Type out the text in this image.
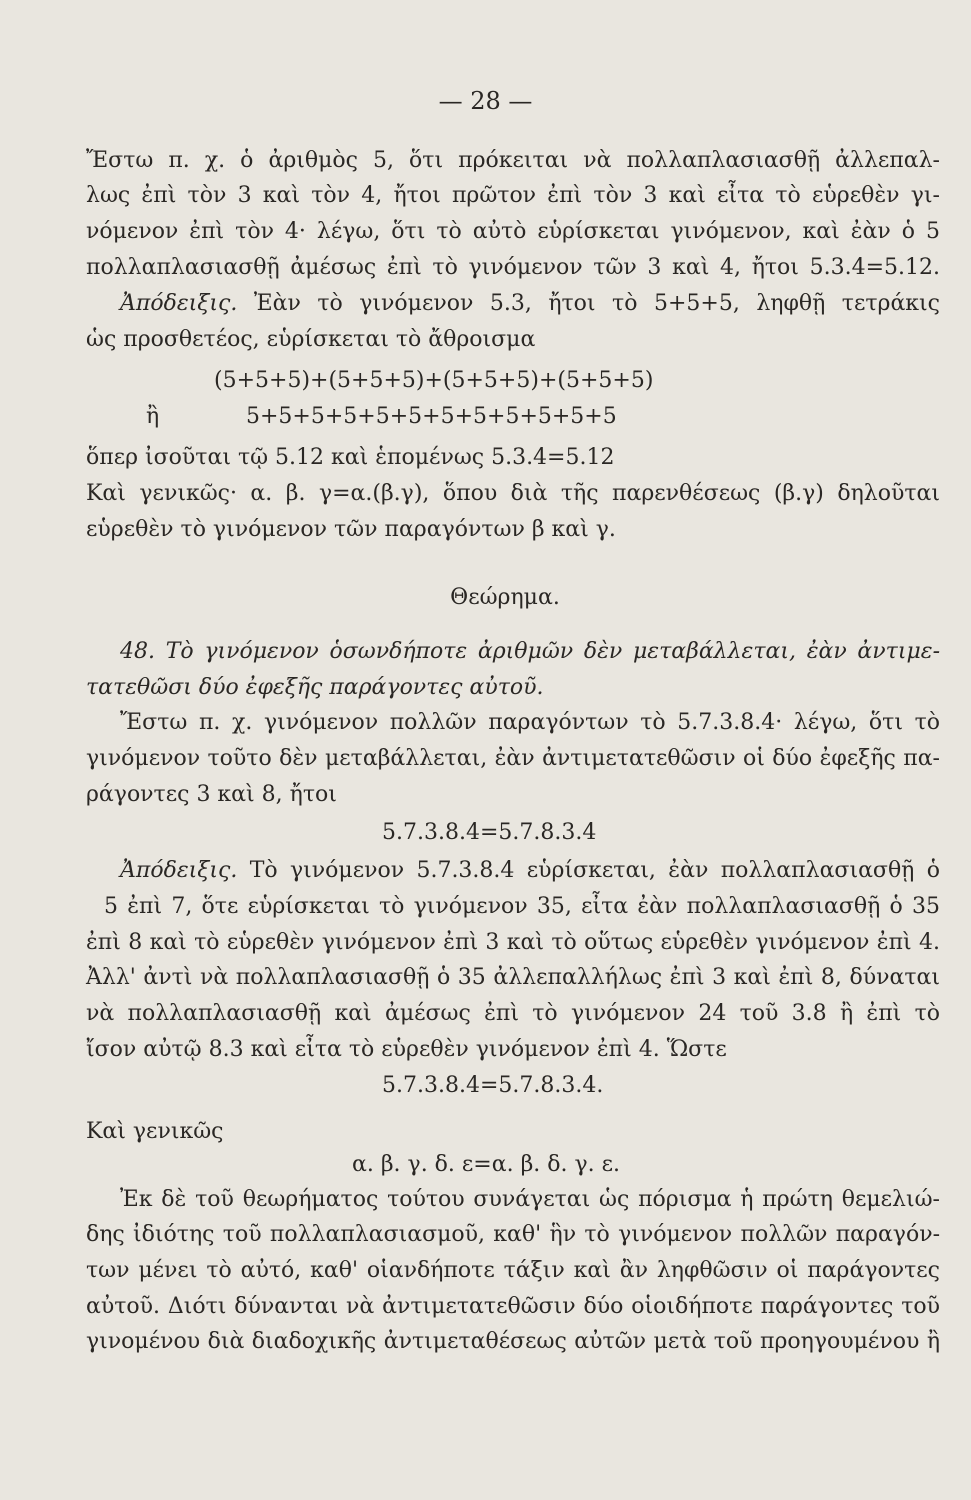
— 28 —
Ἔστω π. χ. ὁ ἀριθμὸς 5, ὅτι πρόκειται νὰ πολλαπλασιασθῇ ἀλλεπαλ-
λως ἐπὶ τὸν 3 καὶ τὸν 4, ἤτοι πρῶτον ἐπὶ τὸν 3 καὶ εἶτα τὸ εὑρεθὲν γι-
νόμενον ἐπὶ τὸν 4· λέγω, ὅτι τὸ αὐτὸ εὑρίσκεται γινόμενον, καὶ ἐὰν ὁ 5
πολλαπλασιασθῇ ἀμέσως ἐπὶ τὸ γινόμενον τῶν 3 καὶ 4, ἤτοι 5.3.4=5.12.
Ἀπόδειξις. Ἐὰν τὸ γινόμενον 5.3, ἤτοι τὸ 5+5+5, ληφθῇ τετράκις
ὡς προσθετέος, εὑρίσκεται τὸ ἄθροισμα
(5+5+5)+(5+5+5)+(5+5+5)+(5+5+5)
ἢ	5+5+5+5+5+5+5+5+5+5+5+5
ὅπερ ἰσοῦται τῷ 5.12 καὶ ἑπομένως 5.3.4=5.12
Καὶ γενικῶς· α. β. γ=α.(β.γ), ὅπου διὰ τῆς παρενθέσεως (β.γ) δηλοῦται
εὑρεθὲν τὸ γινόμενον τῶν παραγόντων β καὶ γ.
Θεώρημα.
48. Τὸ γινόμενον ὁσωνδήποτε ἀριθμῶν δὲν μεταβάλλεται, ἐὰν ἀντιμε-
τατεθῶσι δύο ἐφεξῆς παράγοντες αὐτοῦ.
Ἔστω π. χ. γινόμενον πολλῶν παραγόντων τὸ 5.7.3.8.4· λέγω, ὅτι τὸ
γινόμενον τοῦτο δὲν μεταβάλλεται, ἐὰν ἀντιμετατεθῶσιν οἱ δύο ἐφεξῆς πα-
ράγοντες 3 καὶ 8, ἤτοι
5.7.3.8.4=5.7.8.3.4
Ἀπόδειξις. Τὸ γινόμενον 5.7.3.8.4 εὑρίσκεται, ἐὰν πολλαπλασιασθῇ ὁ
5 ἐπὶ 7, ὅτε εὑρίσκεται τὸ γινόμενον 35, εἶτα ἐὰν πολλαπλασιασθῇ ὁ 35
ἐπὶ 8 καὶ τὸ εὑρεθὲν γινόμενον ἐπὶ 3 καὶ τὸ οὕτως εὑρεθὲν γινόμενον ἐπὶ 4.
Ἀλλ' ἀντὶ νὰ πολλαπλασιασθῇ ὁ 35 ἀλλεπαλλήλως ἐπὶ 3 καὶ ἐπὶ 8, δύναται
νὰ πολλαπλασιασθῇ καὶ ἀμέσως ἐπὶ τὸ γινόμενον 24 τοῦ 3.8 ἢ ἐπὶ τὸ
ἴσον αὐτῷ 8.3 καὶ εἶτα τὸ εὑρεθὲν γινόμενον ἐπὶ 4. Ὥστε
5.7.3.8.4=5.7.8.3.4.
Καὶ γενικῶς
α. β. γ. δ. ε=α. β. δ. γ. ε.
Ἐκ δὲ τοῦ θεωρήματος τούτου συνάγεται ὡς πόρισμα ἡ πρώτη θεμελιώ-
δης ἰδιότης τοῦ πολλαπλασιασμοῦ, καθ' ἣν τὸ γινόμενον πολλῶν παραγόν-
των μένει τὸ αὐτό, καθ' οἱανδήποτε τάξιν καὶ ἂν ληφθῶσιν οἱ παράγοντες
αὐτοῦ. Διότι δύνανται νὰ ἀντιμετατεθῶσιν δύο οἱοιδήποτε παράγοντες τοῦ
γινομένου διὰ διαδοχικῆς ἀντιμεταθέσεως αὐτῶν μετὰ τοῦ προηγουμένου ἢ
